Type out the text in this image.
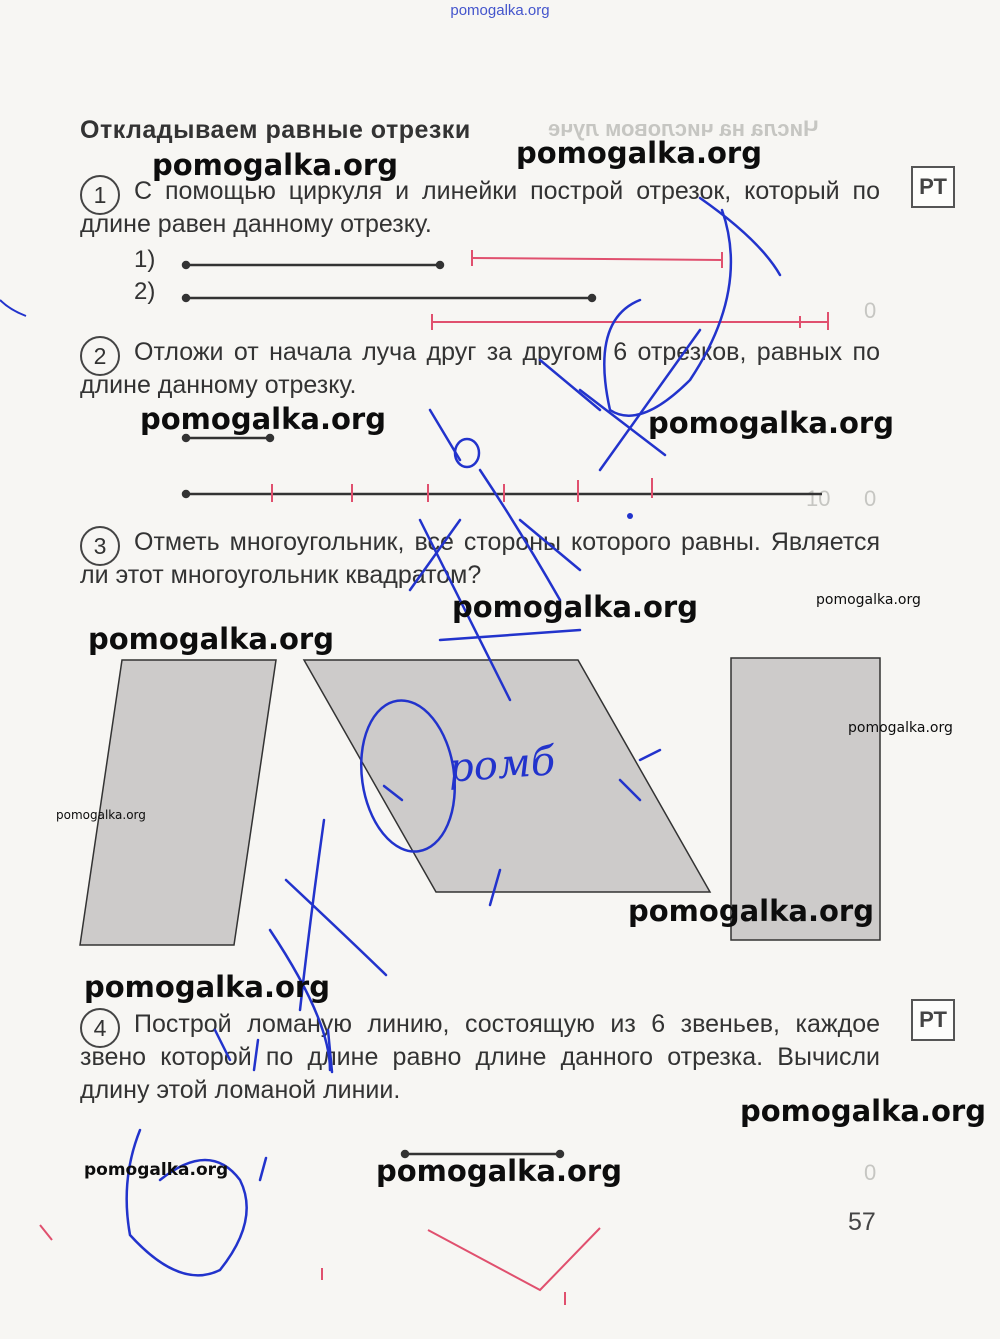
pomogalka.org
Числа на числовом луче
0
10 0
0
Откладываем равные отрезки
1	С помощью циркуля и линейки построй отрезок, который по длине равен данному отрезку.
РТ
1)
2)
2	Отложи от начала луча друг за другом 6 отрезков, равных по длине данному отрезку.
3	Отметь многоугольник, все стороны которого равны. Является ли этот многоугольник квадратом?
4	Построй ломаную линию, состоящую из 6 звеньев, каждое звено которой по длине равно длине данного отрезка. Вычисли длину этой ломаной линии.
РТ
ромб
pomogalka.org	pomogalka.org
pomogalka.org	pomogalka.org
pomogalka.org	pomogalka.org
pomogalka.org
pomogalka.org
pomogalka.org
pomogalka.org
pomogalka.org
pomogalka.org
pomogalka.org	pomogalka.org
57
